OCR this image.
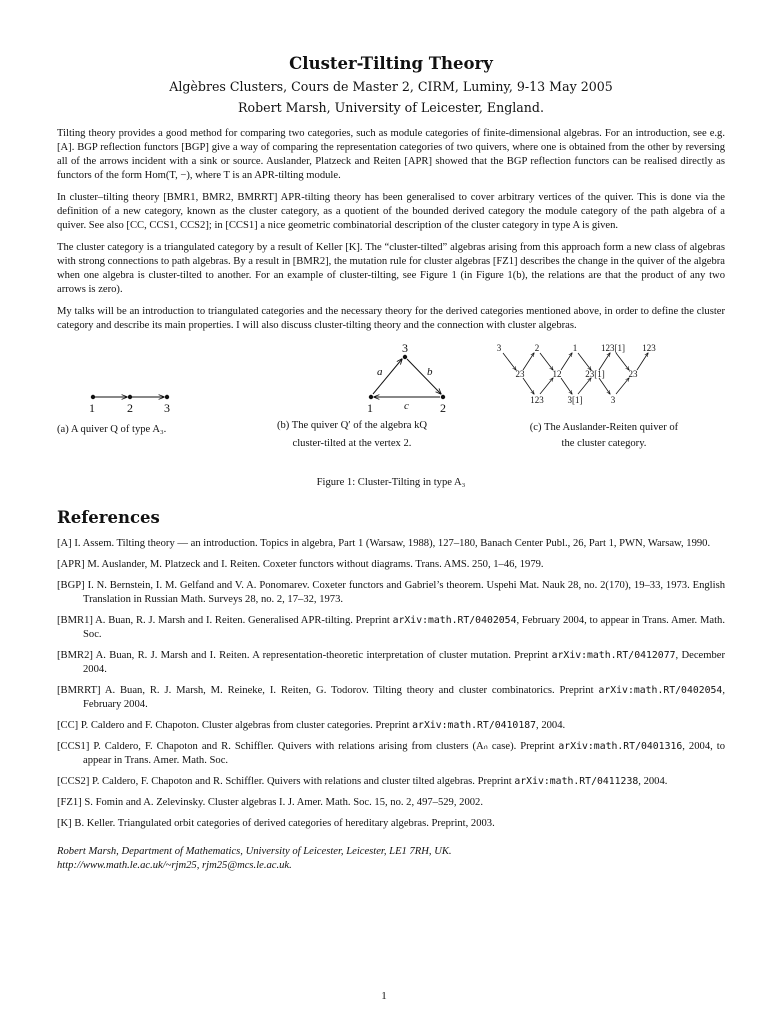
Cluster-Tilting Theory
Algèbres Clusters, Cours de Master 2, CIRM, Luminy, 9-13 May 2005
Robert Marsh, University of Leicester, England.

Tilting theory provides a good method for comparing two categories, such as module categories of finite-dimensional algebras. For an introduction, see e.g. [A]. BGP reflection functors [BGP] give a way of comparing the representation categories of two quivers, where one is obtained from the other by reversing all of the arrows incident with a sink or source. Auslander, Platzeck and Reiten [APR] showed that the BGP reflection functors can be realised directly as functors of the form Hom(T, −), where T is an APR-tilting module.

In cluster–tilting theory [BMR1, BMR2, BMRRT] APR-tilting theory has been generalised to cover arbitrary vertices of the quiver. This is done via the definition of a new category, known as the cluster category, as a quotient of the bounded derived category the module category of the path algebra of a quiver. See also [CC, CCS1, CCS2]; in [CCS1] a nice geometric combinatorial description of the cluster category in type A is given.

The cluster category is a triangulated category by a result of Keller [K]. The “cluster-tilted” algebras arising from this approach form a new class of algebras with strong connections to path algebras. By a result in [BMR2], the mutation rule for cluster algebras [FZ1] describes the change in the quiver of the algebra when one algebra is cluster-tilted to another. For an example of cluster-tilting, see Figure 1 (in Figure 1(b), the relations are that the product of any two arrows is zero).

My talks will be an introduction to triangulated categories and the necessary theory for the derived categories mentioned above, in order to define the cluster category and describe its main properties. I will also discuss cluster-tilting theory and the connection with cluster algebras.

1	2	3
(a) A quiver Q of type A₃.
3
1	2
a	b
c
(b) The quiver Q′ of the algebra kQ
cluster-tilted at the vertex 2.
3	2	1	123[1] 123
23	12	23[1]	23
123	3[1]	3
(c) The Auslander-Reiten quiver of
the cluster category.
Figure 1: Cluster-Tilting in type A₃
References
[A] I. Assem. Tilting theory — an introduction. Topics in algebra, Part 1 (Warsaw, 1988), 127–180, Banach Center Publ., 26, Part 1, PWN, Warsaw, 1990.
[APR] M. Auslander, M. Platzeck and I. Reiten. Coxeter functors without diagrams. Trans. AMS. 250, 1–46, 1979.
[BGP] I. N. Bernstein, I. M. Gelfand and V. A. Ponomarev. Coxeter functors and Gabriel’s theorem. Uspehi Mat. Nauk 28, no. 2(170), 19–33, 1973. English Translation in Russian Math. Surveys 28, no. 2, 17–32, 1973.
[BMR1] A. Buan, R. J. Marsh and I. Reiten. Generalised APR-tilting. Preprint arXiv:math.RT/0402054, February 2004, to appear in Trans. Amer. Math. Soc.
[BMR2] A. Buan, R. J. Marsh and I. Reiten. A representation-theoretic interpretation of cluster mutation. Preprint arXiv:math.RT/0412077, December 2004.
[BMRRT] A. Buan, R. J. Marsh, M. Reineke, I. Reiten, G. Todorov. Tilting theory and cluster combinatorics. Preprint arXiv:math.RT/0402054, February 2004.
[CC] P. Caldero and F. Chapoton. Cluster algebras from cluster categories. Preprint arXiv:math.RT/0410187, 2004.
[CCS1] P. Caldero, F. Chapoton and R. Schiffler. Quivers with relations arising from clusters (Aₙ case). Preprint arXiv:math.RT/0401316, 2004, to appear in Trans. Amer. Math. Soc.
[CCS2] P. Caldero, F. Chapoton and R. Schiffler. Quivers with relations and cluster tilted algebras. Preprint arXiv:math.RT/0411238, 2004.
[FZ1] S. Fomin and A. Zelevinsky. Cluster algebras I. J. Amer. Math. Soc. 15, no. 2, 497–529, 2002.
[K] B. Keller. Triangulated orbit categories of derived categories of hereditary algebras. Preprint, 2003.
Robert Marsh, Department of Mathematics, University of Leicester, Leicester, LE1 7RH, UK.
http://www.math.le.ac.uk/~rjm25, rjm25@mcs.le.ac.uk.
1
